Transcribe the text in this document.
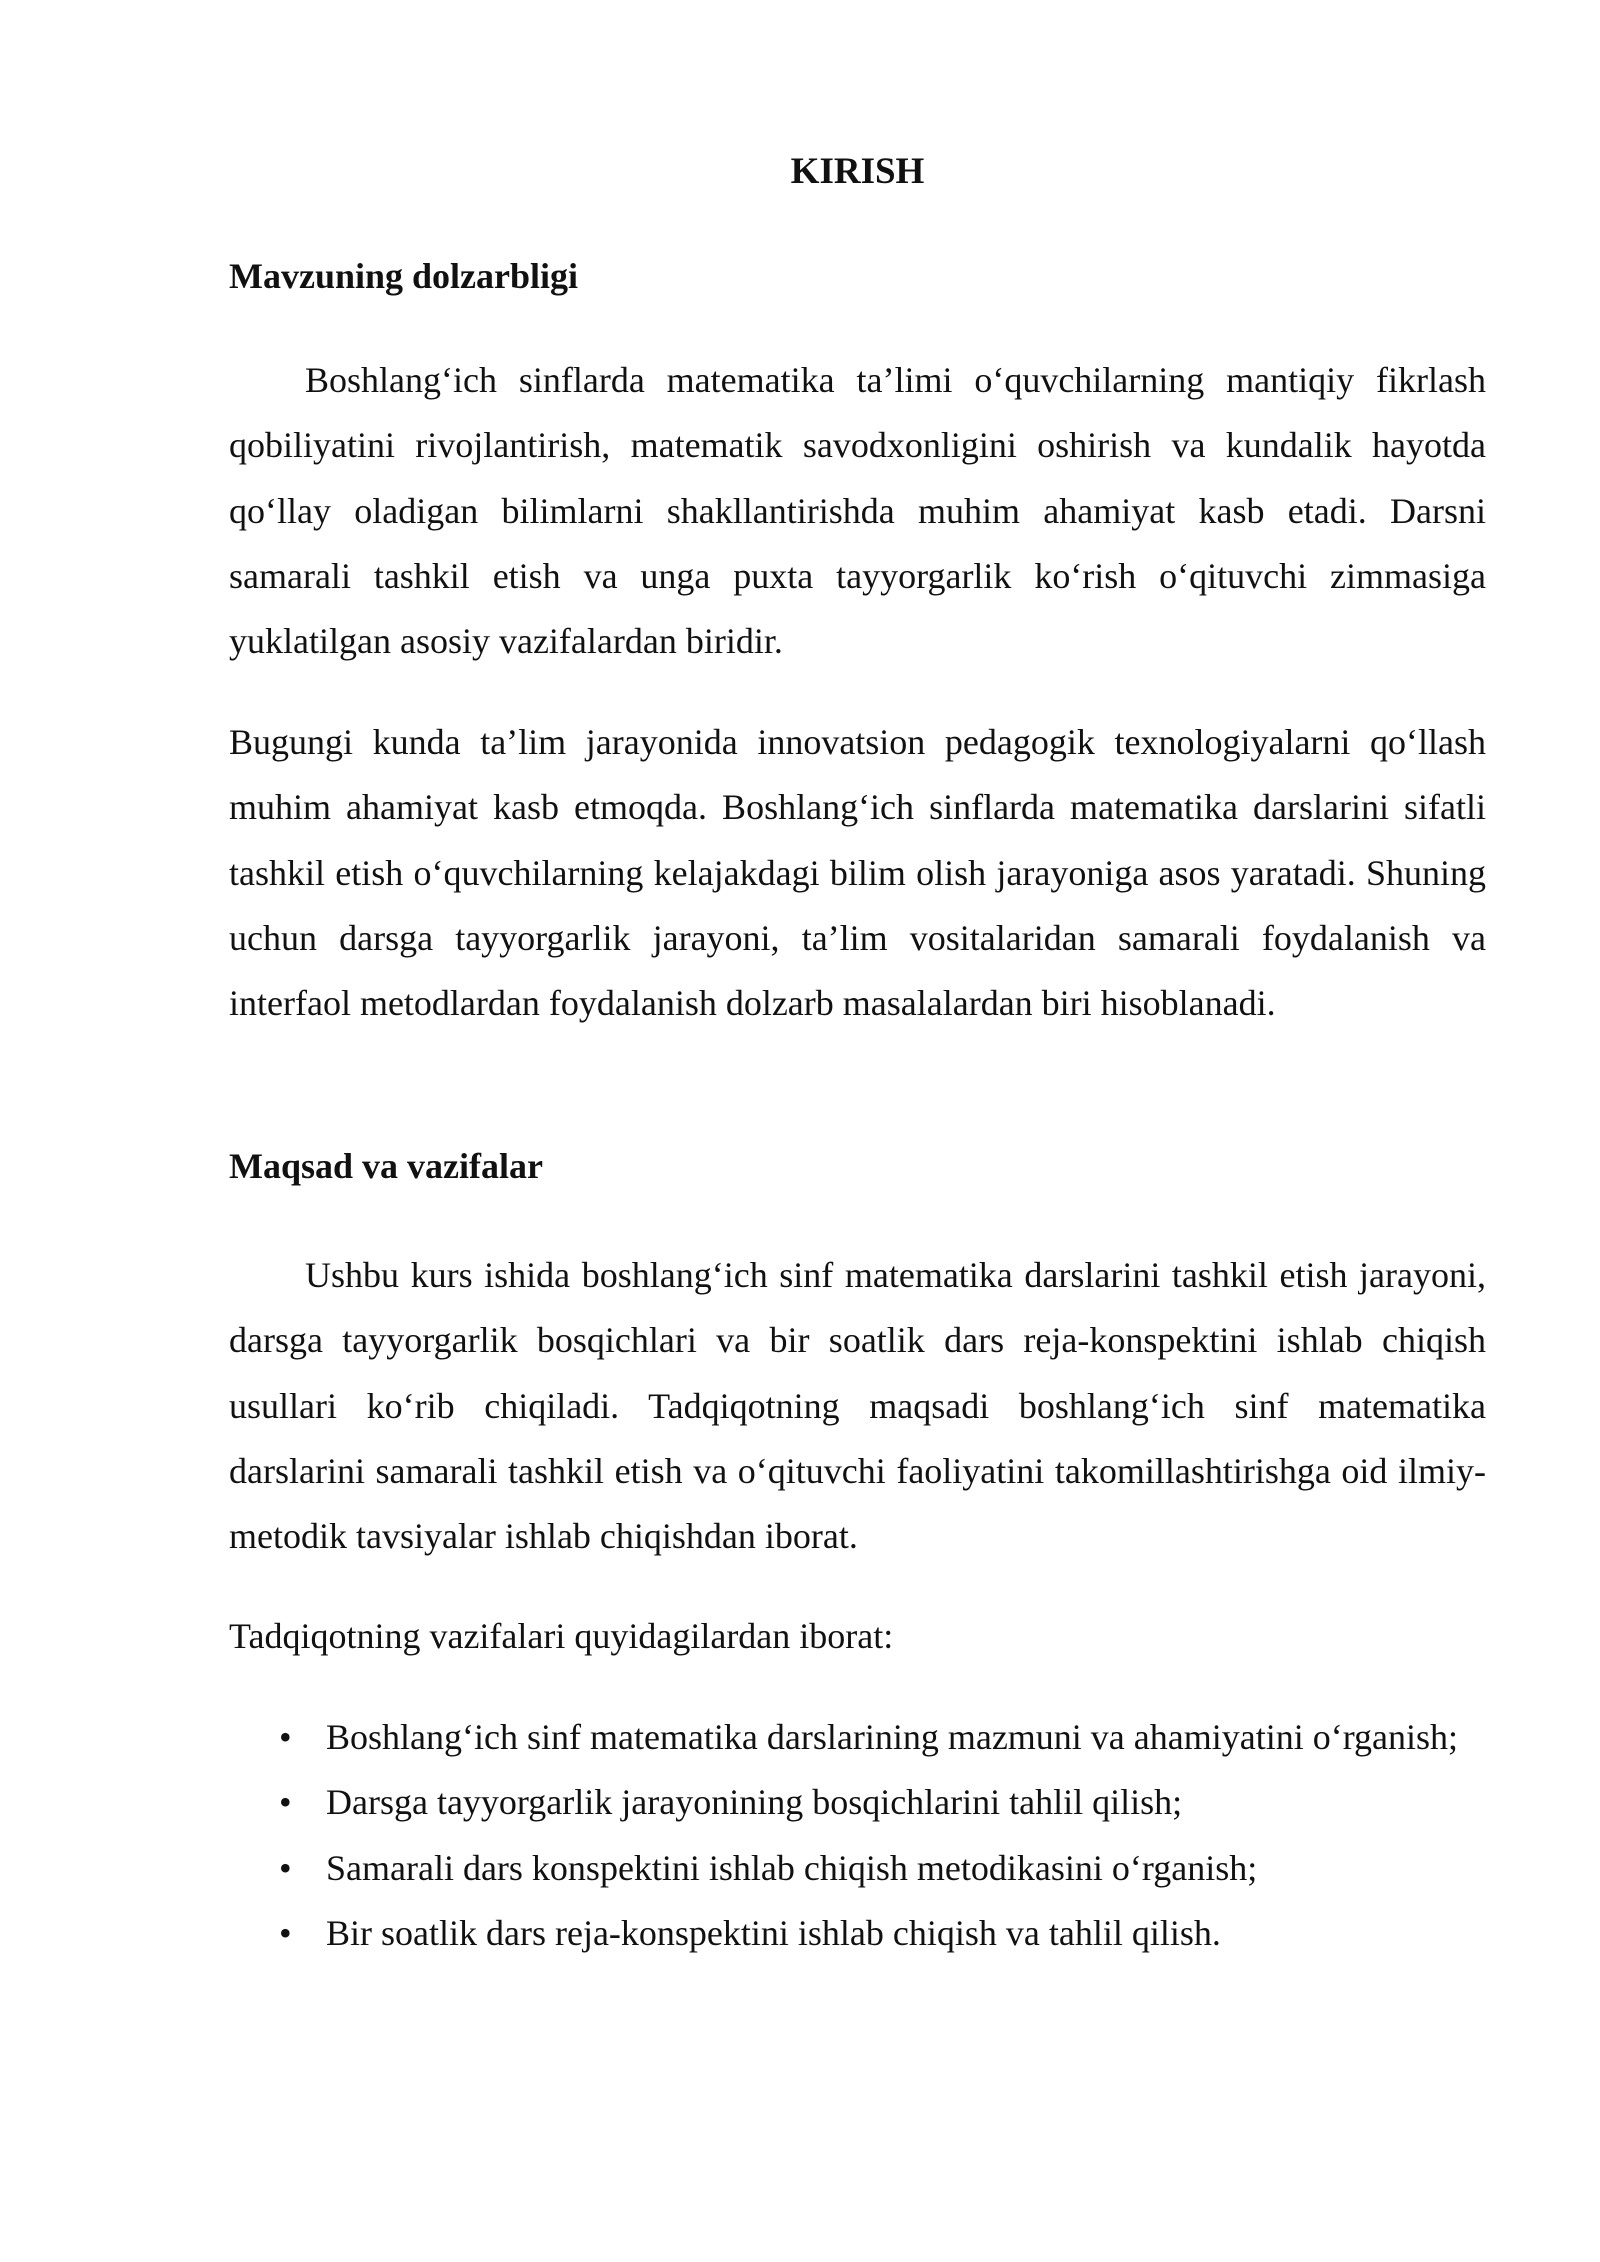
KIRISH
Mavzuning dolzarbligi

Boshlang‘ich sinflarda matematika ta’limi o‘quvchilarning mantiqiy fikrlash qobiliyatini rivojlantirish, matematik savodxonligini oshirish va kundalik hayotda qo‘llay oladigan bilimlarni shakllantirishda muhim ahamiyat kasb etadi. Darsni samarali tashkil etish va unga puxta tayyorgarlik ko‘rish o‘qituvchi zimmasiga yuklatilgan asosiy vazifalardan biridir.

Bugungi kunda ta’lim jarayonida innovatsion pedagogik texnologiyalarni qo‘llash muhim ahamiyat kasb etmoqda. Boshlang‘ich sinflarda matematika darslarini sifatli tashkil etish o‘quvchilarning kelajakdagi bilim olish jarayoniga asos yaratadi. Shuning uchun darsga tayyorgarlik jarayoni, ta’lim vositalaridan samarali foydalanish va interfaol metodlardan foydalanish dolzarb masalalardan biri hisoblanadi.

Maqsad va vazifalar

Ushbu kurs ishida boshlang‘ich sinf matematika darslarini tashkil etish jarayoni, darsga tayyorgarlik bosqichlari va bir soatlik dars reja-konspektini ishlab chiqish usullari ko‘rib chiqiladi. Tadqiqotning maqsadi boshlang‘ich sinf matematika darslarini samarali tashkil etish va o‘qituvchi faoliyatini takomillashtirishga oid ilmiy-metodik tavsiyalar ishlab chiqishdan iborat.

Tadqiqotning vazifalari quyidagilardan iborat:

• Boshlang‘ich sinf matematika darslarining mazmuni va ahamiyatini o‘rganish;
• Darsga tayyorgarlik jarayonining bosqichlarini tahlil qilish;
• Samarali dars konspektini ishlab chiqish metodikasini o‘rganish;
• Bir soatlik dars reja-konspektini ishlab chiqish va tahlil qilish.
